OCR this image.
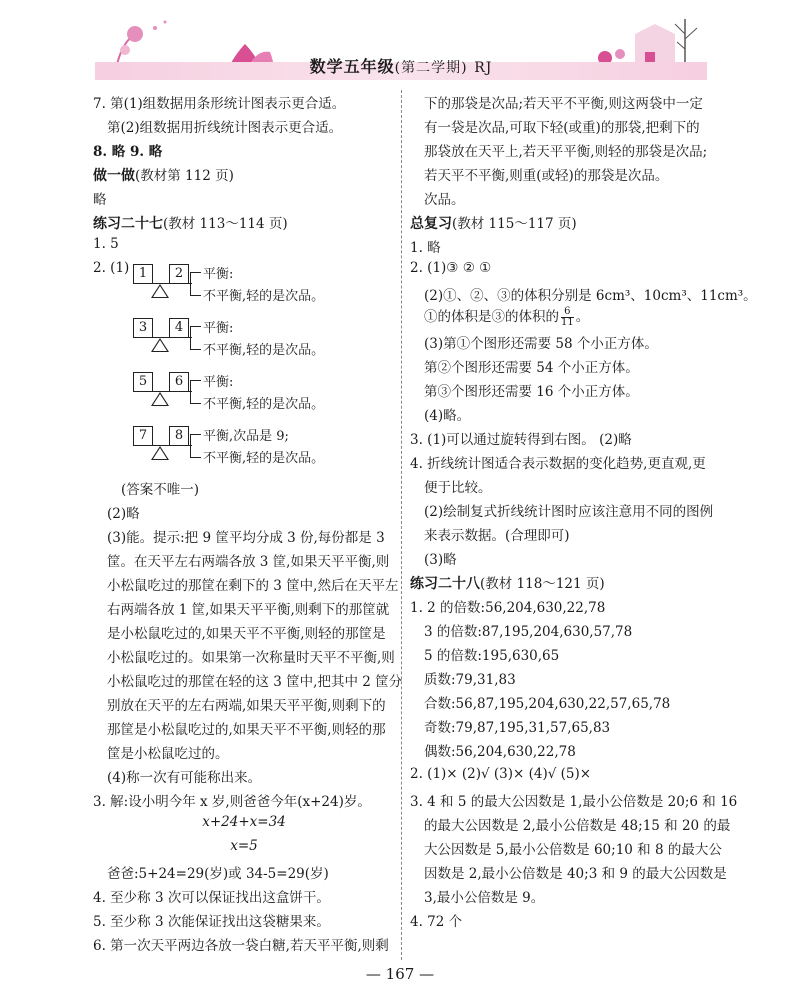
数学五年级(第二学期) RJ
7. 第(1)组数据用条形统计图表示更合适。
第(2)组数据用折线统计图表示更合适。
8. 略 9. 略
做一做(教材第 112 页)
略
练习二十七(教材 113～114 页)
1. 5
2. (1) 1	2	平衡:
不平衡,轻的是次品。
3	4	平衡:
不平衡,轻的是次品。
5	6	平衡:
不平衡,轻的是次品。
7	8	平衡,次品是 9;
不平衡,轻的是次品。
(答案不唯一)
(2)略
(3)能。提示:把 9 筐平均分成 3 份,每份都是 3
筐。在天平左右两端各放 3 筐,如果天平平衡,则
小松鼠吃过的那筐在剩下的 3 筐中,然后在天平左
右两端各放 1 筐,如果天平平衡,则剩下的那筐就
是小松鼠吃过的,如果天平不平衡,则轻的那筐是
小松鼠吃过的。如果第一次称量时天平不平衡,则
小松鼠吃过的那筐在轻的这 3 筐中,把其中 2 筐分
别放在天平的左右两端,如果天平平衡,则剩下的
那筐是小松鼠吃过的,如果天平不平衡,则轻的那
筐是小松鼠吃过的。
(4)称一次有可能称出来。
3. 解:设小明今年 x 岁,则爸爸今年(x+24)岁。
x+24+x=34
x=5
爸爸:5+24=29(岁)或 34-5=29(岁)
4. 至少称 3 次可以保证找出这盒饼干。
5. 至少称 3 次能保证找出这袋糖果来。
6. 第一次天平两边各放一袋白糖,若天平平衡,则剩
下的那袋是次品;若天平不平衡,则这两袋中一定
有一袋是次品,可取下轻(或重)的那袋,把剩下的
那袋放在天平上,若天平平衡,则轻的那袋是次品;
若天平不平衡,则重(或轻)的那袋是次品。
次品。
总复习(教材 115～117 页)
1. 略
2. (1)③ ② ①
(2)①、②、③的体积分别是 6cm³、10cm³、11cm³。
①的体积是③的体积的 $\frac{6}{11}$ 。
(3)第①个图形还需要 58 个小正方体。
第②个图形还需要 54 个小正方体。
第③个图形还需要 16 个小正方体。
(4)略。
3. (1)可以通过旋转得到右图。 (2)略
4. 折线统计图适合表示数据的变化趋势,更直观,更
便于比较。
(2)绘制复式折线统计图时应该注意用不同的图例
来表示数据。(合理即可)
(3)略
练习二十八(教材 118～121 页)
1. 2 的倍数:56,204,630,22,78
3 的倍数:87,195,204,630,57,78
5 的倍数:195,630,65
质数:79,31,83
合数:56,87,195,204,630,22,57,65,78
奇数:79,87,195,31,57,65,83
偶数:56,204,630,22,78
2. (1)× (2)√ (3)× (4)√ (5)×
3. 4 和 5 的最大公因数是 1,最小公倍数是 20;6 和 16
的最大公因数是 2,最小公倍数是 48;15 和 20 的最
大公因数是 5,最小公倍数是 60;10 和 8 的最大公
因数是 2,最小公倍数是 40;3 和 9 的最大公因数是
3,最小公倍数是 9。
4. 72 个
— 167 —
